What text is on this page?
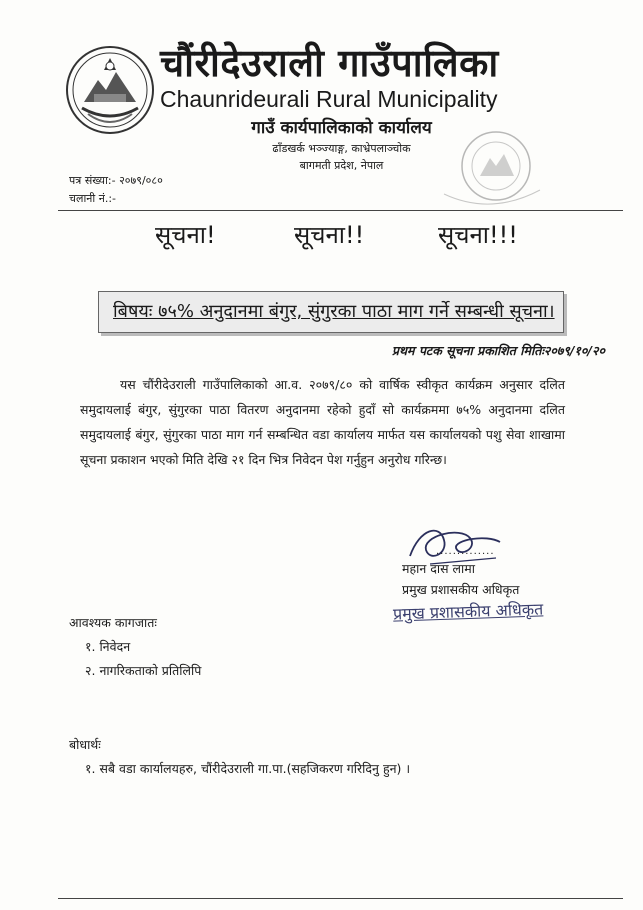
चौंरीदेउराली गाउँपालिका
Chaunrideurali Rural Municipality
गाउँ कार्यपालिकाको कार्यालय
ढाँडखर्क भञ्ज्याङ्ग, काभ्रेपलाञ्चोक
बागमती प्रदेश, नेपाल
पत्र संख्या:- २०७९/०८०
चलानी नं.:-
सूचना!	सूचना!!	सूचना!!!
बिषयः ७५% अनुदानमा बंगुर, सुंगुरका पाठा माग गर्ने सम्बन्धी सूचना।
प्रथम पटक सूचना प्रकाशित मितिः२०७९/१०/२०
यस चौंरीदेउराली गाउँपालिकाको आ.व. २०७९/८० को वार्षिक स्वीकृत कार्यक्रम अनुसार दलित समुदायलाई बंगुर, सुंगुरका पाठा वितरण अनुदानमा रहेको हुदाँ सो कार्यक्रममा ७५% अनुदानमा दलित समुदायलाई बंगुर, सुंगुरका पाठा माग गर्न सम्बन्धित वडा कार्यालय मार्फत यस कार्यालयको पशु सेवा शाखामा सूचना प्रकाशन भएको मिति देखि २१ दिन भित्र निवेदन पेश गर्नुहुन अनुरोध गरिन्छ।

..............
महान दास लामा
प्रमुख प्रशासकीय अधिकृत
प्रमुख प्रशासकीय अधिकृत
आवश्यक कागजातः
१. निवेदन
२. नागरिकताको प्रतिलिपि
बोधार्थः
१. सबै वडा कार्यालयहरु, चौंरीदेउराली गा.पा.(सहजिकरण गरिदिनु हुन) ।
